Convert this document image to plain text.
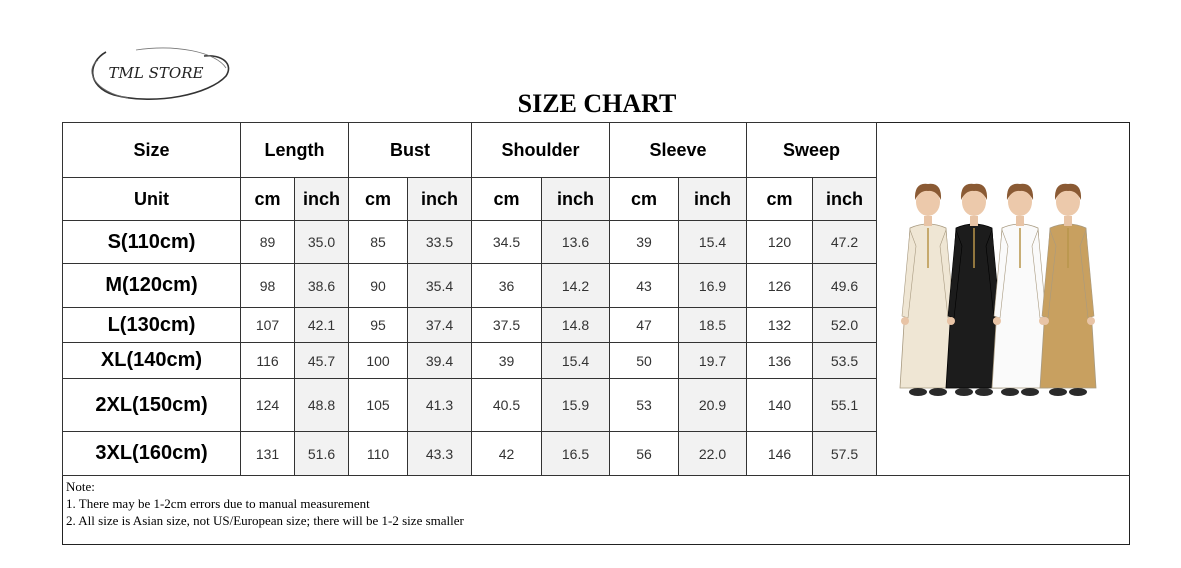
TML STORE
SIZE CHART
Size	Length		Bust		Shoulder		Sleeve		Sweep	
Unit	cm	inch	cm	inch	cm	inch	cm	inch	cm	inch
S(110cm)	89	35.0	85	33.5	34.5	13.6	39	15.4	120	47.2
M(120cm)	98	38.6	90	35.4	36	14.2	43	16.9	126	49.6
L(130cm)	107	42.1	95	37.4	37.5	14.8	47	18.5	132	52.0
XL(140cm)	116	45.7	100	39.4	39	15.4	50	19.7	136	53.5
2XL(150cm)	124	48.8	105	41.3	40.5	15.9	53	20.9	140	55.1
3XL(160cm)	131	51.6	110	43.3	42	16.5	56	22.0	146	57.5
Note:
1. There may be 1-2cm errors due to manual measurement
2. All size is Asian size, not US/European size; there will be 1-2 size smaller
